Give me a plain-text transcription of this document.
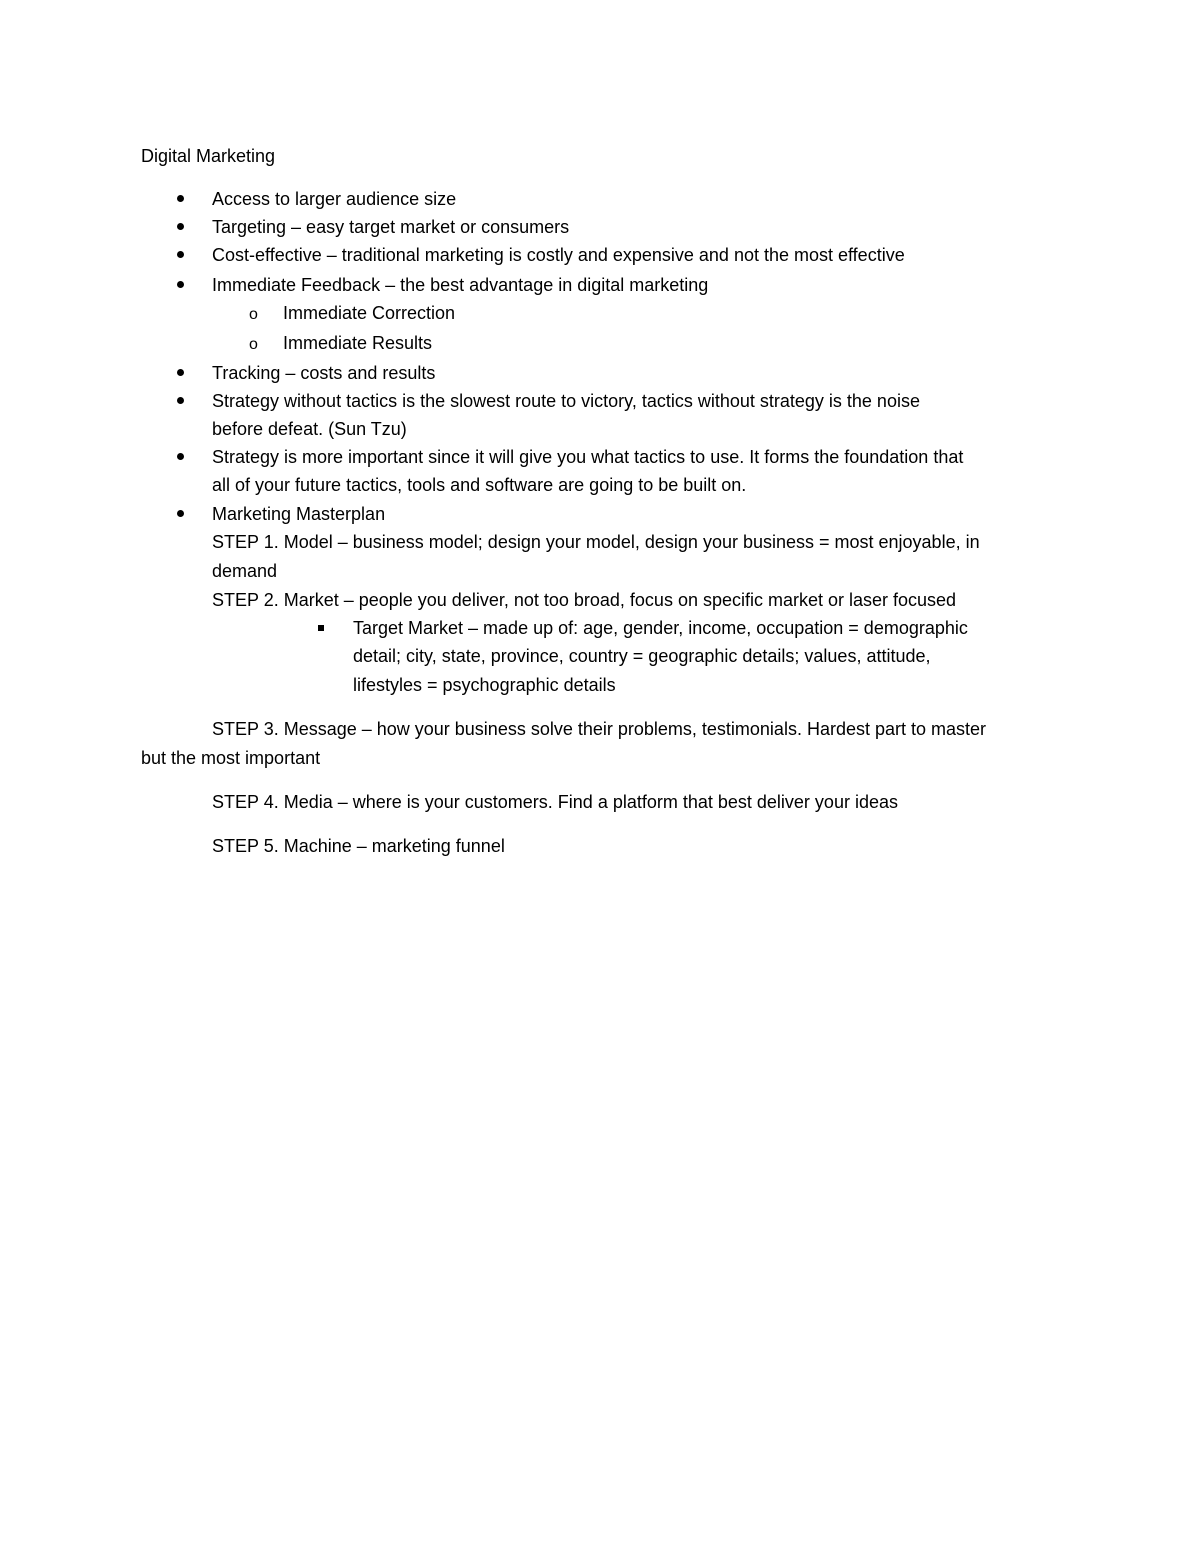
Digital Marketing
Access to larger audience size
Targeting – easy target market or consumers
Cost-effective – traditional marketing is costly and expensive and not the most effective
Immediate Feedback – the best advantage in digital marketing
o Immediate Correction
o Immediate Results
Tracking – costs and results
Strategy without tactics is the slowest route to victory, tactics without strategy is the noise
before defeat. (Sun Tzu)
Strategy is more important since it will give you what tactics to use. It forms the foundation that
all of your future tactics, tools and software are going to be built on.
Marketing Masterplan
STEP 1. Model – business model; design your model, design your business = most enjoyable, in
demand
STEP 2. Market – people you deliver, not too broad, focus on specific market or laser focused
Target Market – made up of: age, gender, income, occupation = demographic
detail; city, state, province, country = geographic details; values, attitude,
lifestyles = psychographic details
STEP 3. Message – how your business solve their problems, testimonials. Hardest part to master
but the most important
STEP 4. Media – where is your customers. Find a platform that best deliver your ideas
STEP 5. Machine – marketing funnel
